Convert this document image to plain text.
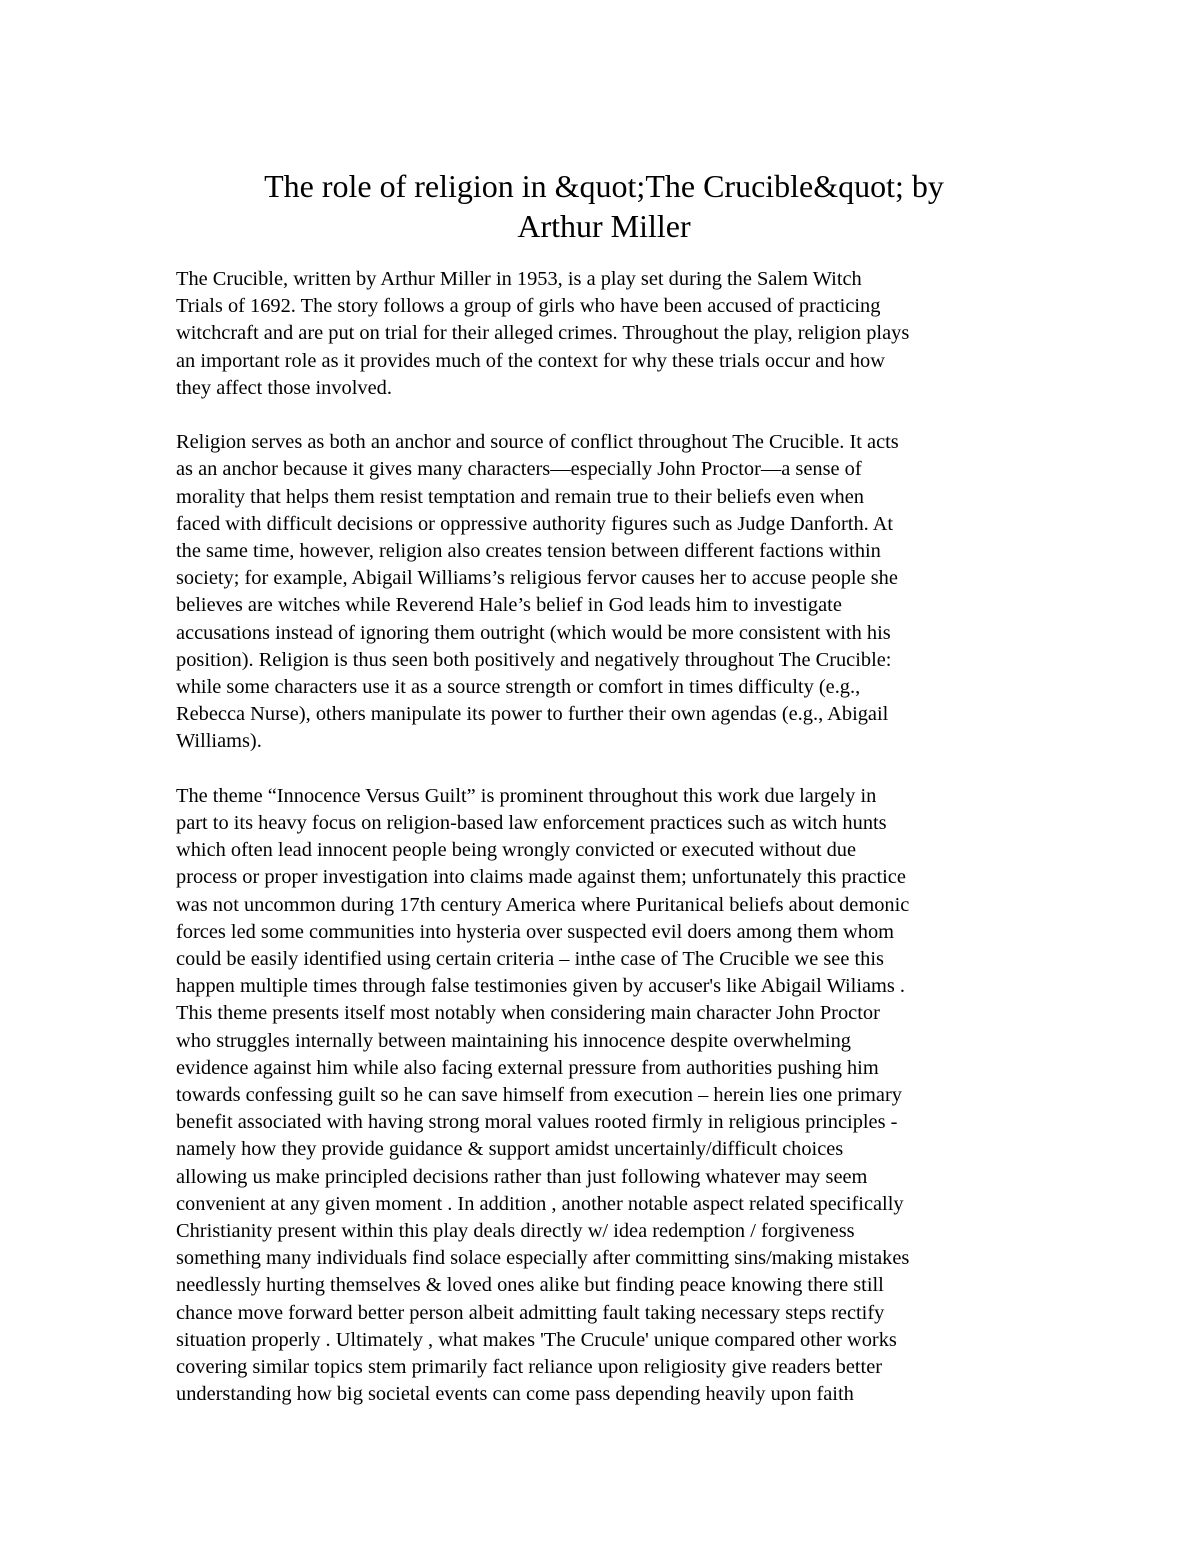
The role of religion in &quot;The Crucible&quot; by
Arthur Miller

The Crucible, written by Arthur Miller in 1953, is a play set during the Salem Witch
Trials of 1692. The story follows a group of girls who have been accused of practicing
witchcraft and are put on trial for their alleged crimes. Throughout the play, religion plays
an important role as it provides much of the context for why these trials occur and how
they affect those involved.

Religion serves as both an anchor and source of conflict throughout The Crucible. It acts
as an anchor because it gives many characters—especially John Proctor—a sense of
morality that helps them resist temptation and remain true to their beliefs even when
faced with difficult decisions or oppressive authority figures such as Judge Danforth. At
the same time, however, religion also creates tension between different factions within
society; for example, Abigail Williams’s religious fervor causes her to accuse people she
believes are witches while Reverend Hale’s belief in God leads him to investigate
accusations instead of ignoring them outright (which would be more consistent with his
position). Religion is thus seen both positively and negatively throughout The Crucible:
while some characters use it as a source strength or comfort in times difficulty (e.g.,
Rebecca Nurse), others manipulate its power to further their own agendas (e.g., Abigail
Williams).

The theme “Innocence Versus Guilt” is prominent throughout this work due largely in
part to its heavy focus on religion-based law enforcement practices such as witch hunts
which often lead innocent people being wrongly convicted or executed without due
process or proper investigation into claims made against them; unfortunately this practice
was not uncommon during 17th century America where Puritanical beliefs about demonic
forces led some communities into hysteria over suspected evil doers among them whom
could be easily identified using certain criteria – inthe case of The Crucible we see this
happen multiple times through false testimonies given by accuser's like Abigail Wiliams .
This theme presents itself most notably when considering main character John Proctor
who struggles internally between maintaining his innocence despite overwhelming
evidence against him while also facing external pressure from authorities pushing him
towards confessing guilt so he can save himself from execution – herein lies one primary
benefit associated with having strong moral values rooted firmly in religious principles -
namely how they provide guidance & support amidst uncertainly/difficult choices
allowing us make principled decisions rather than just following whatever may seem
convenient at any given moment . In addition , another notable aspect related specifically
Christianity present within this play deals directly w/ idea redemption / forgiveness
something many individuals find solace especially after committing sins/making mistakes
needlessly hurting themselves & loved ones alike but finding peace knowing there still
chance move forward better person albeit admitting fault taking necessary steps rectify
situation properly . Ultimately , what makes 'The Crucule' unique compared other works
covering similar topics stem primarily fact reliance upon religiosity give readers better
understanding how big societal events can come pass depending heavily upon faith
